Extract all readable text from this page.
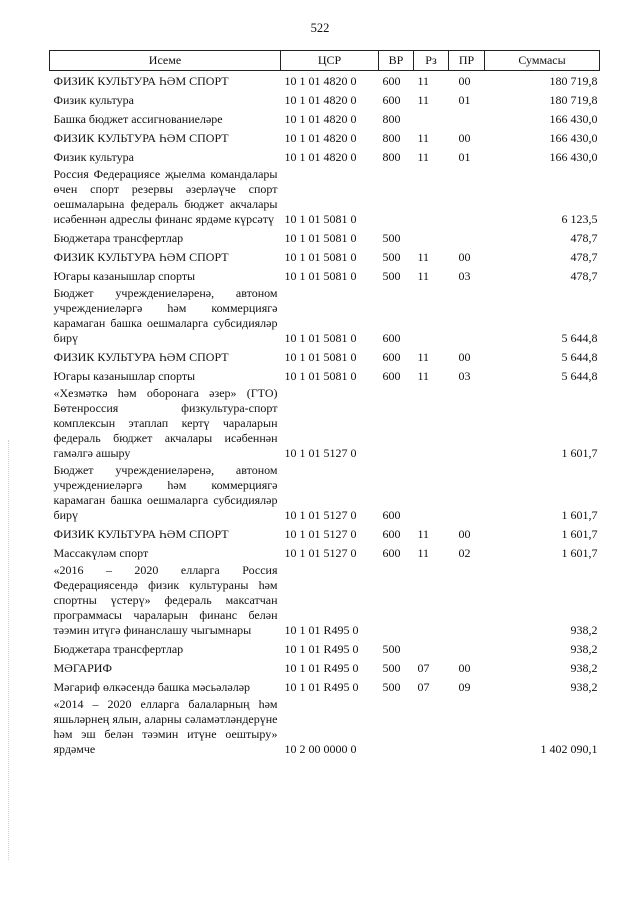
522
Исеме	ЦСР	ВР	Рз	ПР	Суммасы
ФИЗИК КУЛЬТУРА ҺӘМ СПОРТ	10 1 01 4820 0	600	11	00	180 719,8
Физик культура	10 1 01 4820 0	600	11	01	180 719,8
Башка бюджет ассигнованиеләре	10 1 01 4820 0	800			166 430,0
ФИЗИК КУЛЬТУРА ҺӘМ СПОРТ	10 1 01 4820 0	800	11	00	166 430,0
Физик культура	10 1 01 4820 0	800	11	01	166 430,0
Россия Федерациясе җыелма командалары өчен спорт резервы әзерләүче спорт оешмаларына федераль бюджет акчалары исәбеннән адреслы финанс ярдәме күрсәтү	10 1 01 5081 0				6 123,5
Бюджетара трансфертлар	10 1 01 5081 0	500			478,7
ФИЗИК КУЛЬТУРА ҺӘМ СПОРТ	10 1 01 5081 0	500	11	00	478,7
Югары казанышлар спорты	10 1 01 5081 0	500	11	03	478,7
Бюджет учреждениеләренә, автоном учреждениеләргә һәм коммерциягә карамаган башка оешмаларга субсидияләр бирү	10 1 01 5081 0	600			5 644,8
ФИЗИК КУЛЬТУРА ҺӘМ СПОРТ	10 1 01 5081 0	600	11	00	5 644,8
Югары казанышлар спорты	10 1 01 5081 0	600	11	03	5 644,8
«Хезмәткә һәм оборонага әзер» (ГТО) Бөтенроссия физкультура-спорт комплексын этаплап кертү чараларын федераль бюджет акчалары исәбеннән гамәлгә ашыру	10 1 01 5127 0				1 601,7
Бюджет учреждениеләренә, автоном учреждениеләргә һәм коммерциягә карамаган башка оешмаларга субсидияләр бирү	10 1 01 5127 0	600			1 601,7
ФИЗИК КУЛЬТУРА ҺӘМ СПОРТ	10 1 01 5127 0	600	11	00	1 601,7
Массакүләм спорт	10 1 01 5127 0	600	11	02	1 601,7
«2016 – 2020 елларга Россия Федерациясендә физик культураны һәм спортны үстерү» федераль максатчан программасы чараларын финанс белән тәэмин итүгә финанслашу чыгымнары	10 1 01 R495 0				938,2
Бюджетара трансфертлар	10 1 01 R495 0	500			938,2
МӘГАРИФ	10 1 01 R495 0	500	07	00	938,2
Мәгариф өлкәсендә башка мәсьәләләр	10 1 01 R495 0	500	07	09	938,2
«2014 – 2020 елларга балаларның һәм яшьләрнең ялын, аларны сәламәтләндерүне һәм эш белән тәэмин итүне оештыру» ярдәмче	10 2 00 0000 0				1 402 090,1
